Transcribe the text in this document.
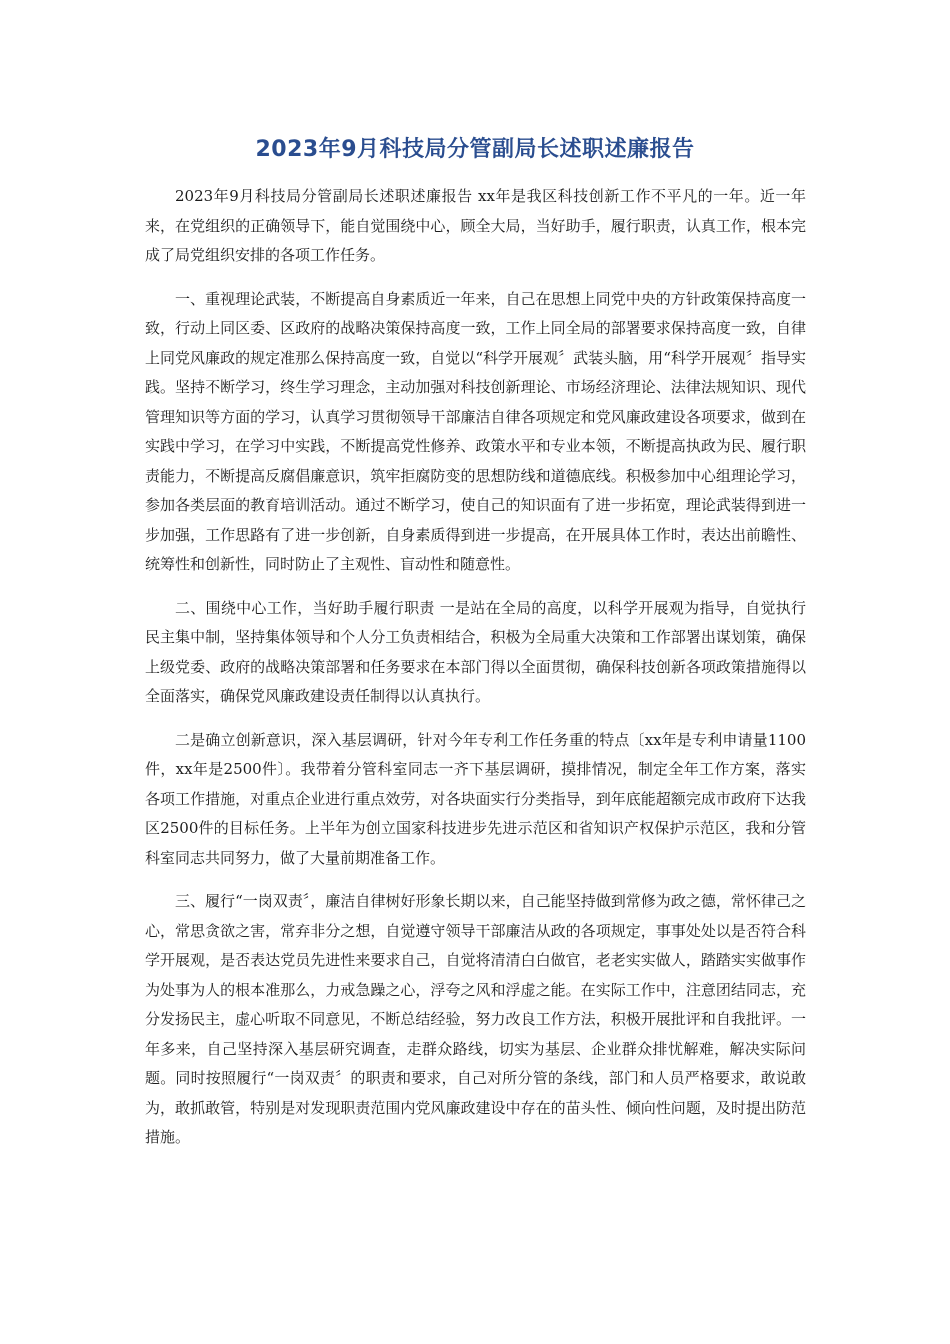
2023年9月科技局分管副局长述职述廉报告

2023年9月科技局分管副局长述职述廉报告 xx年是我区科技创新工作不平凡的一年。近一年来，在党组织的正确领导下，能自觉围绕中心，顾全大局，当好助手，履行职责，认真工作，根本完成了局党组织安排的各项工作任务。

一、重视理论武装，不断提高自身素质近一年来，自己在思想上同党中央的方针政策保持高度一致，行动上同区委、区政府的战略决策保持高度一致，工作上同全局的部署要求保持高度一致，自律上同党风廉政的规定准那么保持高度一致，自觉以“科学开展观〞武装头脑，用“科学开展观〞指导实践。坚持不断学习，终生学习理念，主动加强对科技创新理论、市场经济理论、法律法规知识、现代管理知识等方面的学习，认真学习贯彻领导干部廉洁自律各项规定和党风廉政建设各项要求，做到在实践中学习，在学习中实践，不断提高党性修养、政策水平和专业本领，不断提高执政为民、履行职责能力，不断提高反腐倡廉意识，筑牢拒腐防变的思想防线和道德底线。积极参加中心组理论学习，参加各类层面的教育培训活动。通过不断学习，使自己的知识面有了进一步拓宽，理论武装得到进一步加强，工作思路有了进一步创新，自身素质得到进一步提高，在开展具体工作时，表达出前瞻性、统筹性和创新性，同时防止了主观性、盲动性和随意性。

二、围绕中心工作，当好助手履行职责 一是站在全局的高度，以科学开展观为指导，自觉执行民主集中制，坚持集体领导和个人分工负责相结合，积极为全局重大决策和工作部署出谋划策，确保上级党委、政府的战略决策部署和任务要求在本部门得以全面贯彻，确保科技创新各项政策措施得以全面落实，确保党风廉政建设责任制得以认真执行。

二是确立创新意识，深入基层调研，针对今年专利工作任务重的特点〔xx年是专利申请量1100件，xx年是2500件〕。我带着分管科室同志一齐下基层调研，摸排情况，制定全年工作方案，落实各项工作措施，对重点企业进行重点效劳，对各块面实行分类指导，到年底能超额完成市政府下达我区2500件的目标任务。上半年为创立国家科技进步先进示范区和省知识产权保护示范区，我和分管科室同志共同努力，做了大量前期准备工作。

三、履行“一岗双责〞，廉洁自律树好形象长期以来，自己能坚持做到常修为政之德，常怀律己之心，常思贪欲之害，常弃非分之想，自觉遵守领导干部廉洁从政的各项规定，事事处处以是否符合科学开展观，是否表达党员先进性来要求自己，自觉将清清白白做官，老老实实做人，踏踏实实做事作为处事为人的根本准那么，力戒急躁之心，浮夸之风和浮虚之能。在实际工作中，注意团结同志，充分发扬民主，虚心听取不同意见，不断总结经验，努力改良工作方法，积极开展批评和自我批评。一年多来，自己坚持深入基层研究调查，走群众路线，切实为基层、企业群众排忧解难，解决实际问题。同时按照履行“一岗双责〞的职责和要求，自己对所分管的条线，部门和人员严格要求，敢说敢为，敢抓敢管，特别是对发现职责范围内党风廉政建设中存在的苗头性、倾向性问题，及时提出防范措施。
